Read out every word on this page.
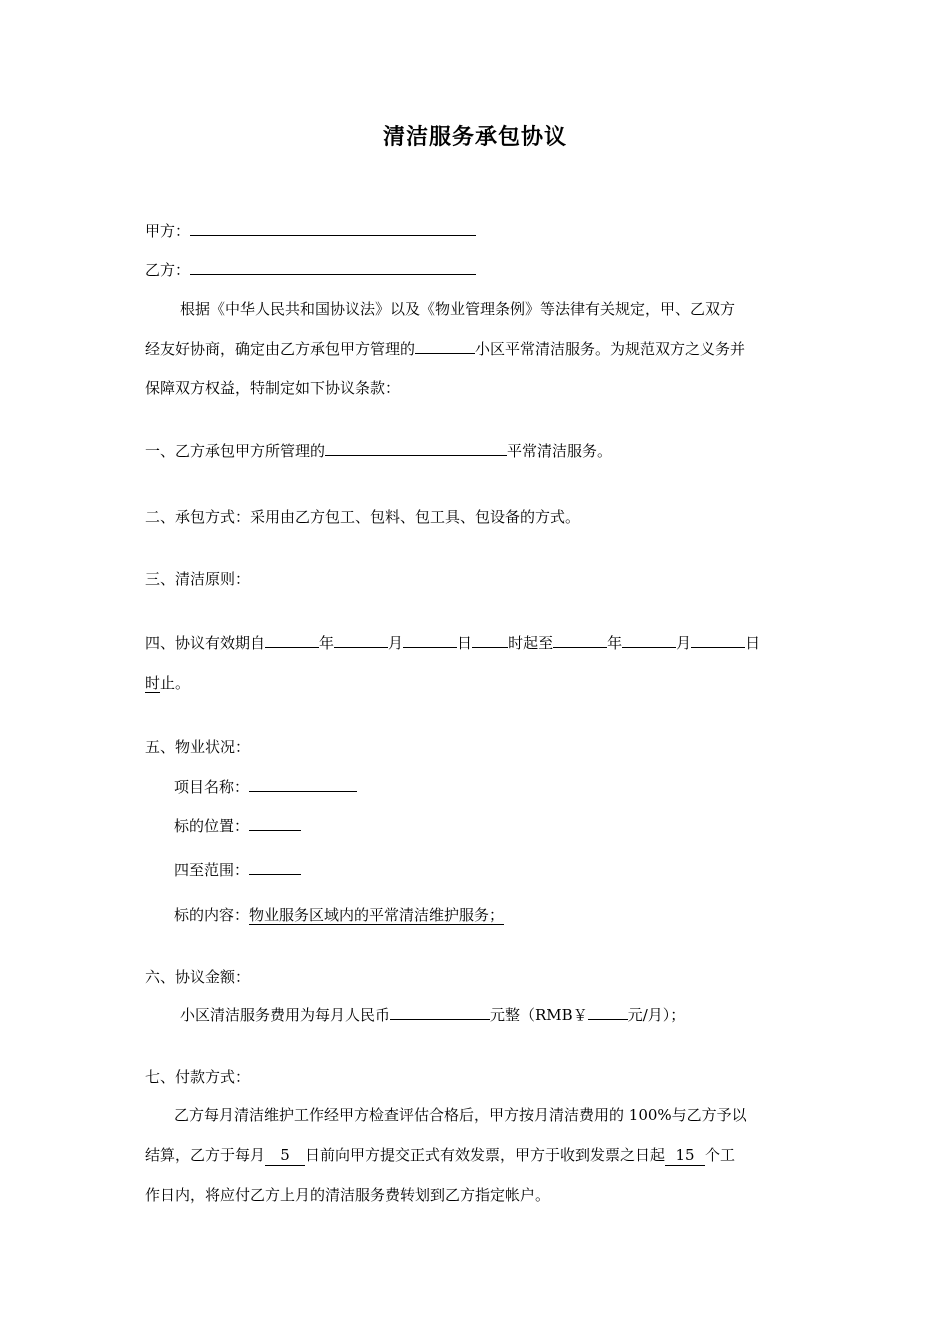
清洁服务承包协议
甲方：
乙方：
根据《中华人民共和国协议法》以及《物业管理条例》等法律有关规定，甲、乙双方
经友好协商，确定由乙方承包甲方管理的	小区平常清洁服务。为规范双方之义务并
保障双方权益，特制定如下协议条款：
一、乙方承包甲方所管理的	平常清洁服务。
二、承包方式：采用由乙方包工、包料、包工具、包设备的方式。
三、清洁原则：
四、协议有效期自	年	月	日 时起至	年	月	日
时止。
五、物业状况：
项目名称：
标的位置：
四至范围：
标的内容：物业服务区域内的平常清洁维护服务；
六、协议金额：
小区清洁服务费用为每月人民币	元整（RMB￥	元/月）；
七、付款方式：
乙方每月清洁维护工作经甲方检查评估合格后，甲方按月清洁费用的 100%与乙方予以
结算，乙方于每月 5 日前向甲方提交正式有效发票，甲方于收到发票之日起 15 个工
作日内，将应付乙方上月的清洁服务费转划到乙方指定帐户。
